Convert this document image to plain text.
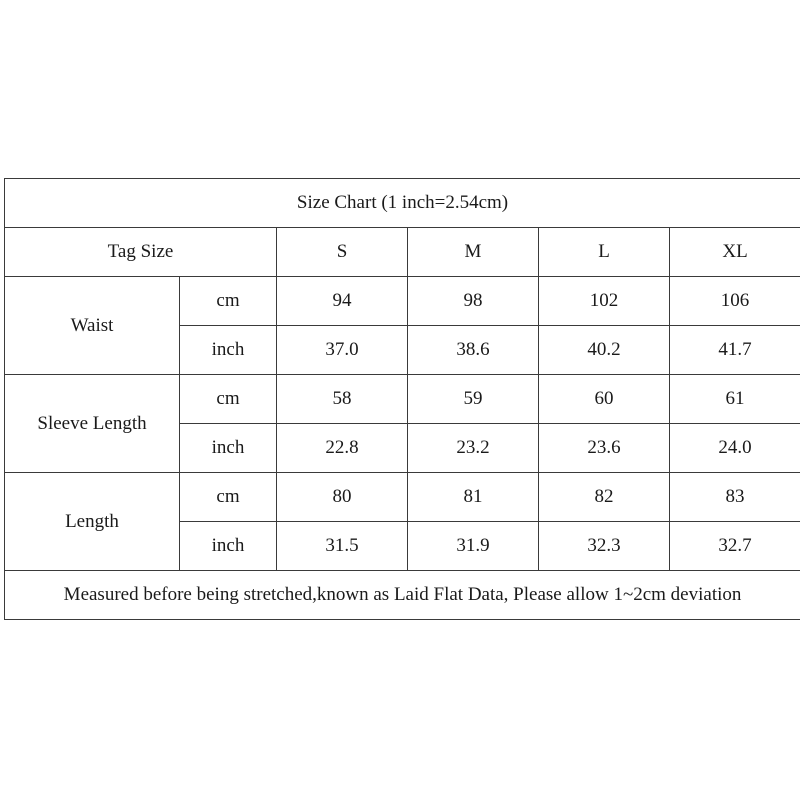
Size Chart (1 inch=2.54cm)					
Tag Size		S	M	L	XL
Waist	cm	94	98	102	106
	inch	37.0	38.6	40.2	41.7
Sleeve Length	cm	58	59	60	61
	inch	22.8	23.2	23.6	24.0
Length	cm	80	81	82	83
	inch	31.5	31.9	32.3	32.7
Measured before being stretched,known as Laid Flat Data, Please allow 1~2cm deviation					
